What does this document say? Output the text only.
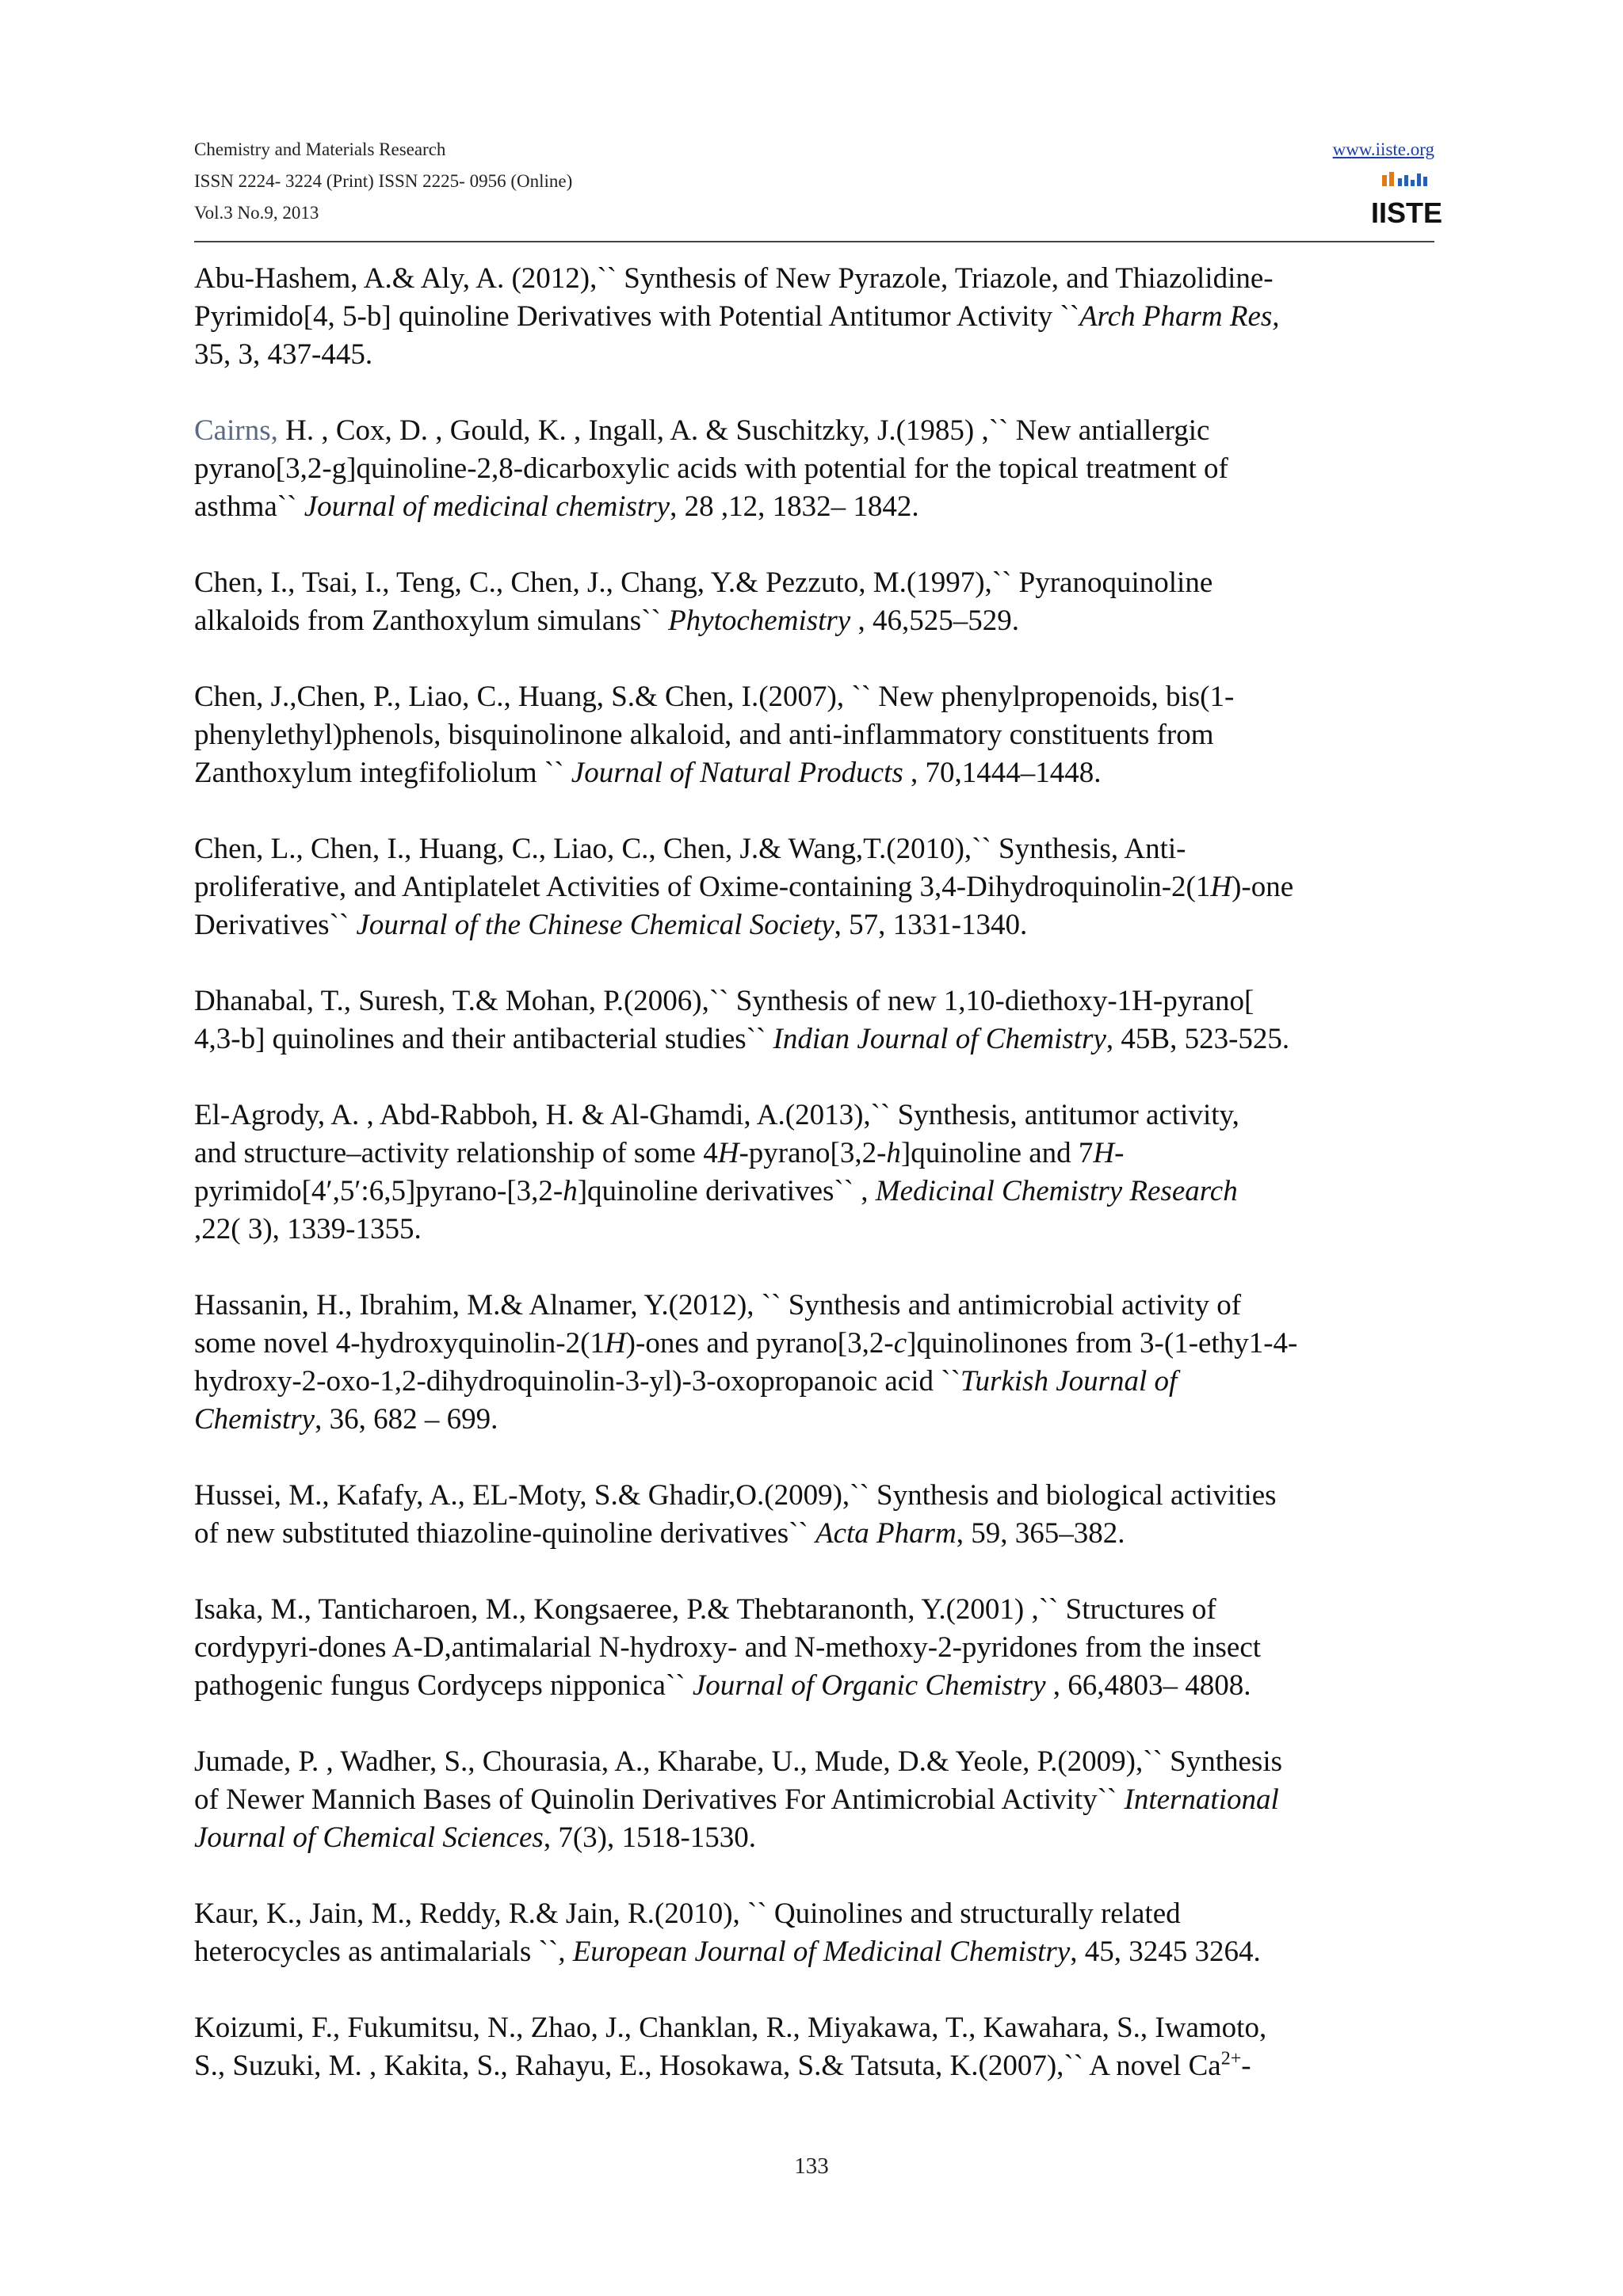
Chemistry and Materials Research
ISSN 2224- 3224 (Print) ISSN 2225- 0956 (Online)
Vol.3 No.9, 2013
www.iiste.org
IISTE
Abu-Hashem, A.& Aly, A. (2012),`` Synthesis of New Pyrazole, Triazole, and Thiazolidine-
Pyrimido[4, 5-b] quinoline Derivatives with Potential Antitumor Activity ``Arch Pharm Res,
35, 3, 437-445.
Cairns, H. , Cox, D. , Gould, K. , Ingall, A. & Suschitzky, J.(1985) ,`` New antiallergic
pyrano[3,2-g]quinoline-2,8-dicarboxylic acids with potential for the topical treatment of
asthma`` Journal of medicinal chemistry, 28 ,12, 1832– 1842.
Chen, I., Tsai, I., Teng, C., Chen, J., Chang, Y.& Pezzuto, M.(1997),`` Pyranoquinoline
alkaloids from Zanthoxylum simulans`` Phytochemistry , 46,525–529.
Chen, J.,Chen, P., Liao, C., Huang, S.& Chen, I.(2007), `` New phenylpropenoids, bis(1-
phenylethyl)phenols, bisquinolinone alkaloid, and anti-inflammatory constituents from
Zanthoxylum integfifoliolum `` Journal of Natural Products , 70,1444–1448.
Chen, L., Chen, I., Huang, C., Liao, C., Chen, J.& Wang,T.(2010),`` Synthesis, Anti-
proliferative, and Antiplatelet Activities of Oxime-containing 3,4-Dihydroquinolin-2(1H)-one
Derivatives`` Journal of the Chinese Chemical Society, 57, 1331-1340.
Dhanabal, T., Suresh, T.& Mohan, P.(2006),`` Synthesis of new 1,10-diethoxy-1H-pyrano[
4,3-b] quinolines and their antibacterial studies`` Indian Journal of Chemistry, 45B, 523-525.
El-Agrody, A. , Abd-Rabboh, H. & Al-Ghamdi, A.(2013),`` Synthesis, antitumor activity,
and structure–activity relationship of some 4H-pyrano[3,2-h]quinoline and 7H-
pyrimido[4′,5′:6,5]pyrano-[3,2-h]quinoline derivatives`` , Medicinal Chemistry Research
,22( 3), 1339-1355.
Hassanin, H., Ibrahim, M.& Alnamer, Y.(2012), `` Synthesis and antimicrobial activity of
some novel 4-hydroxyquinolin-2(1H)-ones and pyrano[3,2-c]quinolinones from 3-(1-ethy1-4-
hydroxy-2-oxo-1,2-dihydroquinolin-3-yl)-3-oxopropanoic acid ``Turkish Journal of
Chemistry, 36, 682 – 699.
Hussei, M., Kafafy, A., EL-Moty, S.& Ghadir,O.(2009),`` Synthesis and biological activities
of new substituted thiazoline-quinoline derivatives`` Acta Pharm, 59, 365–382.
Isaka, M., Tanticharoen, M., Kongsaeree, P.& Thebtaranonth, Y.(2001) ,`` Structures of
cordypyri-dones A-D,antimalarial N-hydroxy- and N-methoxy-2-pyridones from the insect
pathogenic fungus Cordyceps nipponica`` Journal of Organic Chemistry , 66,4803– 4808.
Jumade, P. , Wadher, S., Chourasia, A., Kharabe, U., Mude, D.& Yeole, P.(2009),`` Synthesis
of Newer Mannich Bases of Quinolin Derivatives For Antimicrobial Activity`` International
Journal of Chemical Sciences, 7(3), 1518-1530.
Kaur, K., Jain, M., Reddy, R.& Jain, R.(2010), `` Quinolines and structurally related
heterocycles as antimalarials ``, European Journal of Medicinal Chemistry, 45, 3245 3264.
Koizumi, F., Fukumitsu, N., Zhao, J., Chanklan, R., Miyakawa, T., Kawahara, S., Iwamoto,
S., Suzuki, M. , Kakita, S., Rahayu, E., Hosokawa, S.& Tatsuta, K.(2007),`` A novel $Ca^{2+}-$
133
